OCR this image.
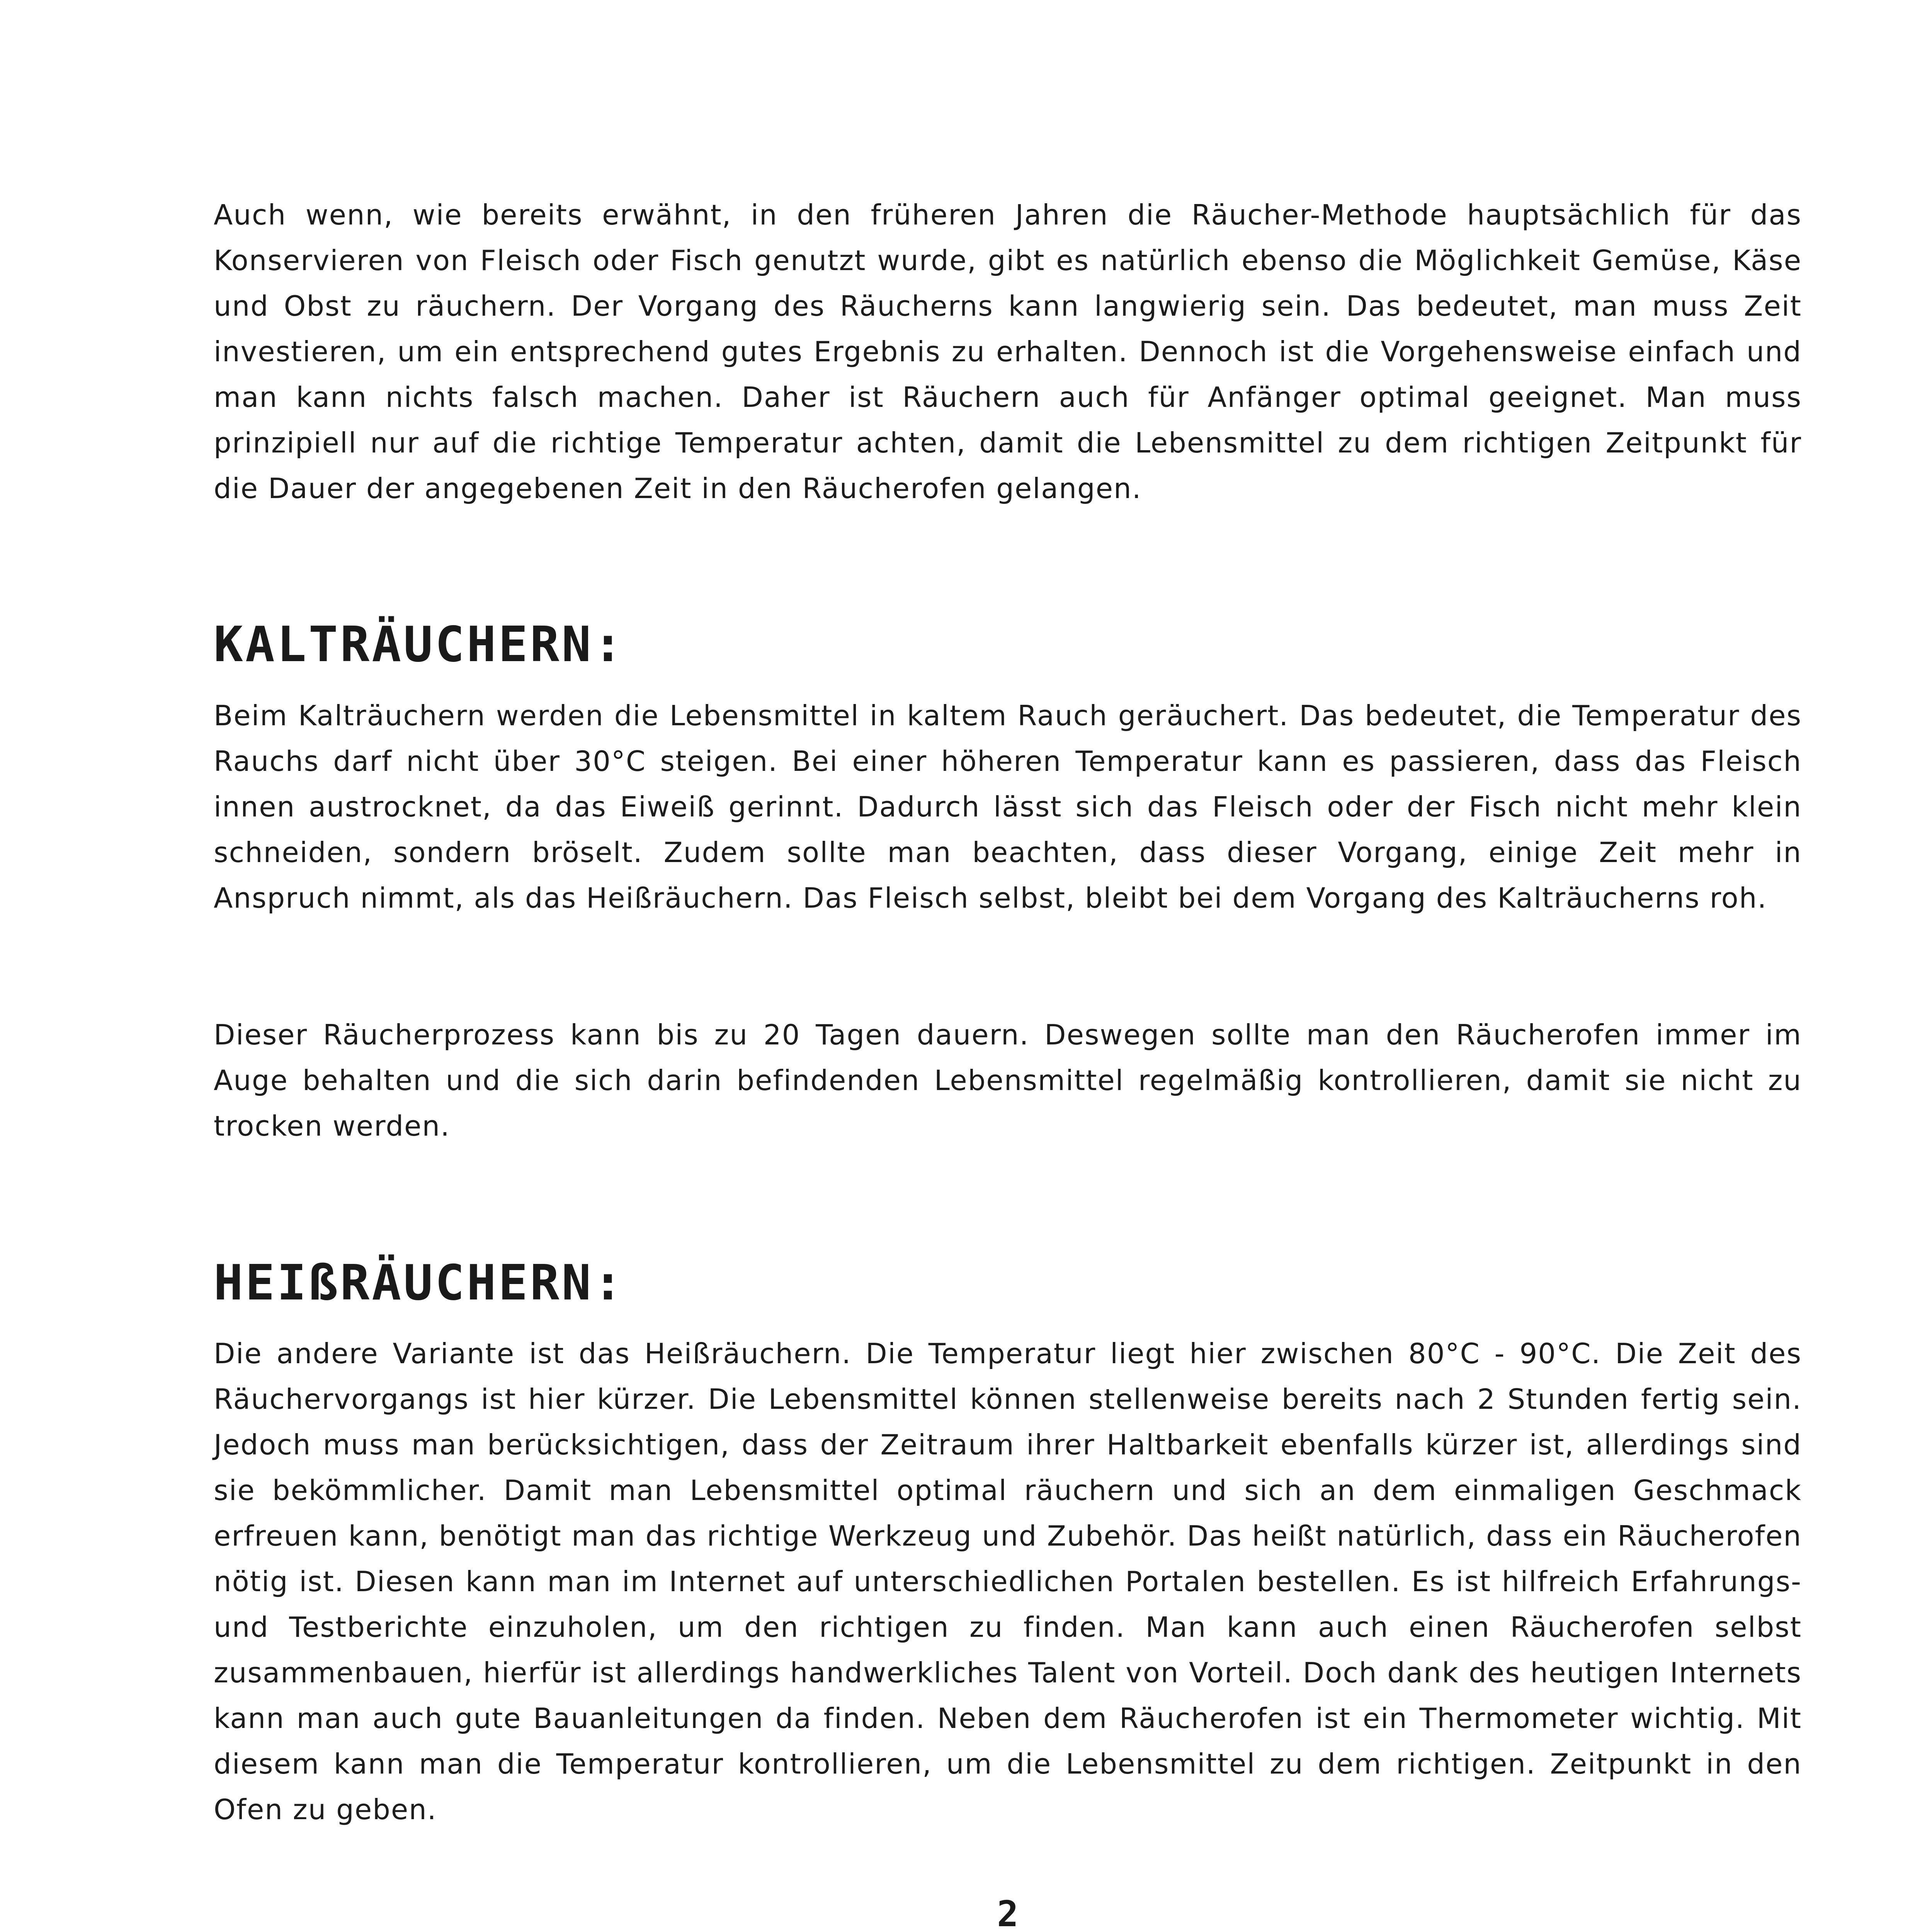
Auch wenn, wie bereits erwähnt, in den früheren Jahren die Räucher-Methode hauptsächlich für das Konservieren von Fleisch oder Fisch genutzt wurde, gibt es natürlich ebenso die Möglichkeit Gemüse, Käse und Obst zu räuchern. Der Vorgang des Räucherns kann langwierig sein. Das bedeutet, man muss Zeit investieren, um ein entsprechend gutes Ergebnis zu erhalten. Dennoch ist die Vorgehensweise einfach und man kann nichts falsch machen. Daher ist Räuchern auch für Anfänger optimal geeignet. Man muss prinzipiell nur auf die richtige Temperatur achten, damit die Lebensmittel zu dem richtigen Zeitpunkt für die Dauer der angegebenen Zeit in den Räucherofen gelangen.

KALTRÄUCHERN:

Beim Kalträuchern werden die Lebensmittel in kaltem Rauch geräuchert. Das bedeutet, die Temperatur des Rauchs darf nicht über 30°C steigen. Bei einer höheren Temperatur kann es passieren, dass das Fleisch innen austrocknet, da das Eiweiß gerinnt. Dadurch lässt sich das Fleisch oder der Fisch nicht mehr klein schneiden, sondern bröselt. Zudem sollte man beachten, dass dieser Vorgang, einige Zeit mehr in Anspruch nimmt, als das Heißräuchern. Das Fleisch selbst, bleibt bei dem Vorgang des Kalträucherns roh.

Dieser Räucherprozess kann bis zu 20 Tagen dauern. Deswegen sollte man den Räucherofen immer im Auge behalten und die sich darin befindenden Lebensmittel regelmäßig kontrollieren, damit sie nicht zu trocken werden.

HEIßRÄUCHERN:

Die andere Variante ist das Heißräuchern. Die Temperatur liegt hier zwischen 80°C - 90°C. Die Zeit des Räuchervorgangs ist hier kürzer. Die Lebensmittel können stellenweise bereits nach 2 Stunden fertig sein. Jedoch muss man berücksichtigen, dass der Zeitraum ihrer Haltbarkeit ebenfalls kürzer ist, allerdings sind sie bekömmlicher. Damit man Lebensmittel optimal räuchern und sich an dem einmaligen Geschmack erfreuen kann, benötigt man das richtige Werkzeug und Zubehör. Das heißt natürlich, dass ein Räucherofen nötig ist. Diesen kann man im Internet auf unterschiedlichen Portalen bestellen. Es ist hilfreich Erfahrungs- und Testberichte einzuholen, um den richtigen zu finden. Man kann auch einen Räucherofen selbst zusammenbauen, hierfür ist allerdings handwerkliches Talent von Vorteil. Doch dank des heutigen Internets kann man auch gute Bauanleitungen da finden. Neben dem Räucherofen ist ein Thermometer wichtig. Mit diesem kann man die Temperatur kontrollieren, um die Lebensmittel zu dem richtigen. Zeitpunkt in den Ofen zu geben.

2
